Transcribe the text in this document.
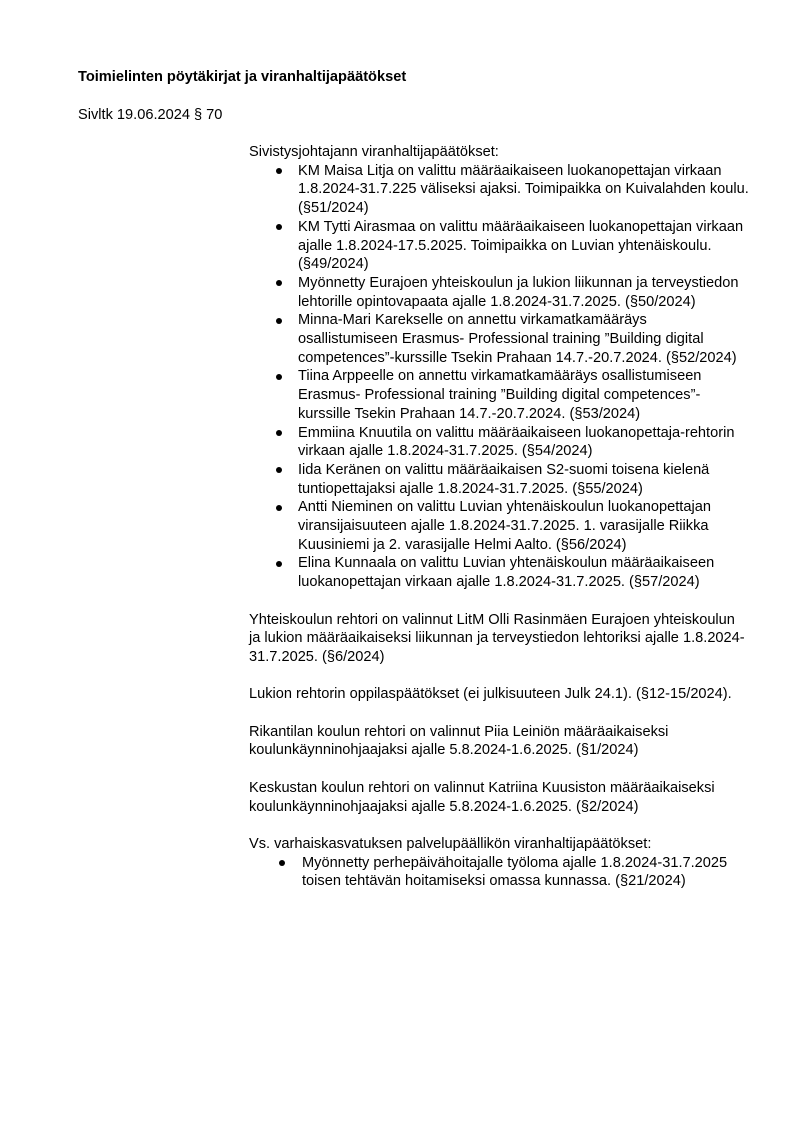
Toimielinten pöytäkirjat ja viranhaltijapäätökset
Sivltk 19.06.2024 § 70

Sivistysjohtajann viranhaltijapäätökset:

KM Maisa Litja on valittu määräaikaiseen luokanopettajan virkaan 1.8.2024-31.7.225 väliseksi ajaksi. Toimipaikka on Kuivalahden koulu. (§51/2024)
KM Tytti Airasmaa on valittu määräaikaiseen luokanopettajan virkaan ajalle 1.8.2024-17.5.2025. Toimipaikka on Luvian yhtenäiskoulu. (§49/2024)
Myönnetty Eurajoen yhteiskoulun ja lukion liikunnan ja terveystiedon lehtorille opintovapaata ajalle 1.8.2024-31.7.2025. (§50/2024)
Minna-Mari Karekselle on annettu virkamatkamääräys osallistumiseen Erasmus- Professional training ”Building digital competences”-kurssille Tsekin Prahaan 14.7.-20.7.2024. (§52/2024)
Tiina Arppeelle on annettu virkamatkamääräys osallistumiseen Erasmus- Professional training ”Building digital competences”-kurssille Tsekin Prahaan 14.7.-20.7.2024. (§53/2024)
Emmiina Knuutila on valittu määräaikaiseen luokanopettaja-rehtorin virkaan ajalle 1.8.2024-31.7.2025. (§54/2024)
Iida Keränen on valittu määräaikaisen S2-suomi toisena kielenä tuntiopettajaksi ajalle 1.8.2024-31.7.2025. (§55/2024)
Antti Nieminen on valittu Luvian yhtenäiskoulun luokanopettajan viransijaisuuteen ajalle 1.8.2024-31.7.2025. 1. varasijalle Riikka Kuusiniemi ja 2. varasijalle Helmi Aalto. (§56/2024)
Elina Kunnaala on valittu Luvian yhtenäiskoulun määräaikaiseen luokanopettajan virkaan ajalle 1.8.2024-31.7.2025. (§57/2024)

Yhteiskoulun rehtori on valinnut LitM Olli Rasinmäen Eurajoen yhteiskoulun ja lukion määräaikaiseksi liikunnan ja terveystiedon lehtoriksi ajalle 1.8.2024-31.7.2025. (§6/2024)

Lukion rehtorin oppilaspäätökset (ei julkisuuteen Julk 24.1). (§12-15/2024).

Rikantilan koulun rehtori on valinnut Piia Leiniön määräaikaiseksi koulunkäynninohjaajaksi ajalle 5.8.2024-1.6.2025. (§1/2024)

Keskustan koulun rehtori on valinnut Katriina Kuusiston määräaikaiseksi koulunkäynninohjaajaksi ajalle 5.8.2024-1.6.2025. (§2/2024)

Vs. varhaiskasvatuksen palvelupäällikön viranhaltijapäätökset:

Myönnetty perhepäivähoitajalle työloma ajalle 1.8.2024-31.7.2025 toisen tehtävän hoitamiseksi omassa kunnassa. (§21/2024)
